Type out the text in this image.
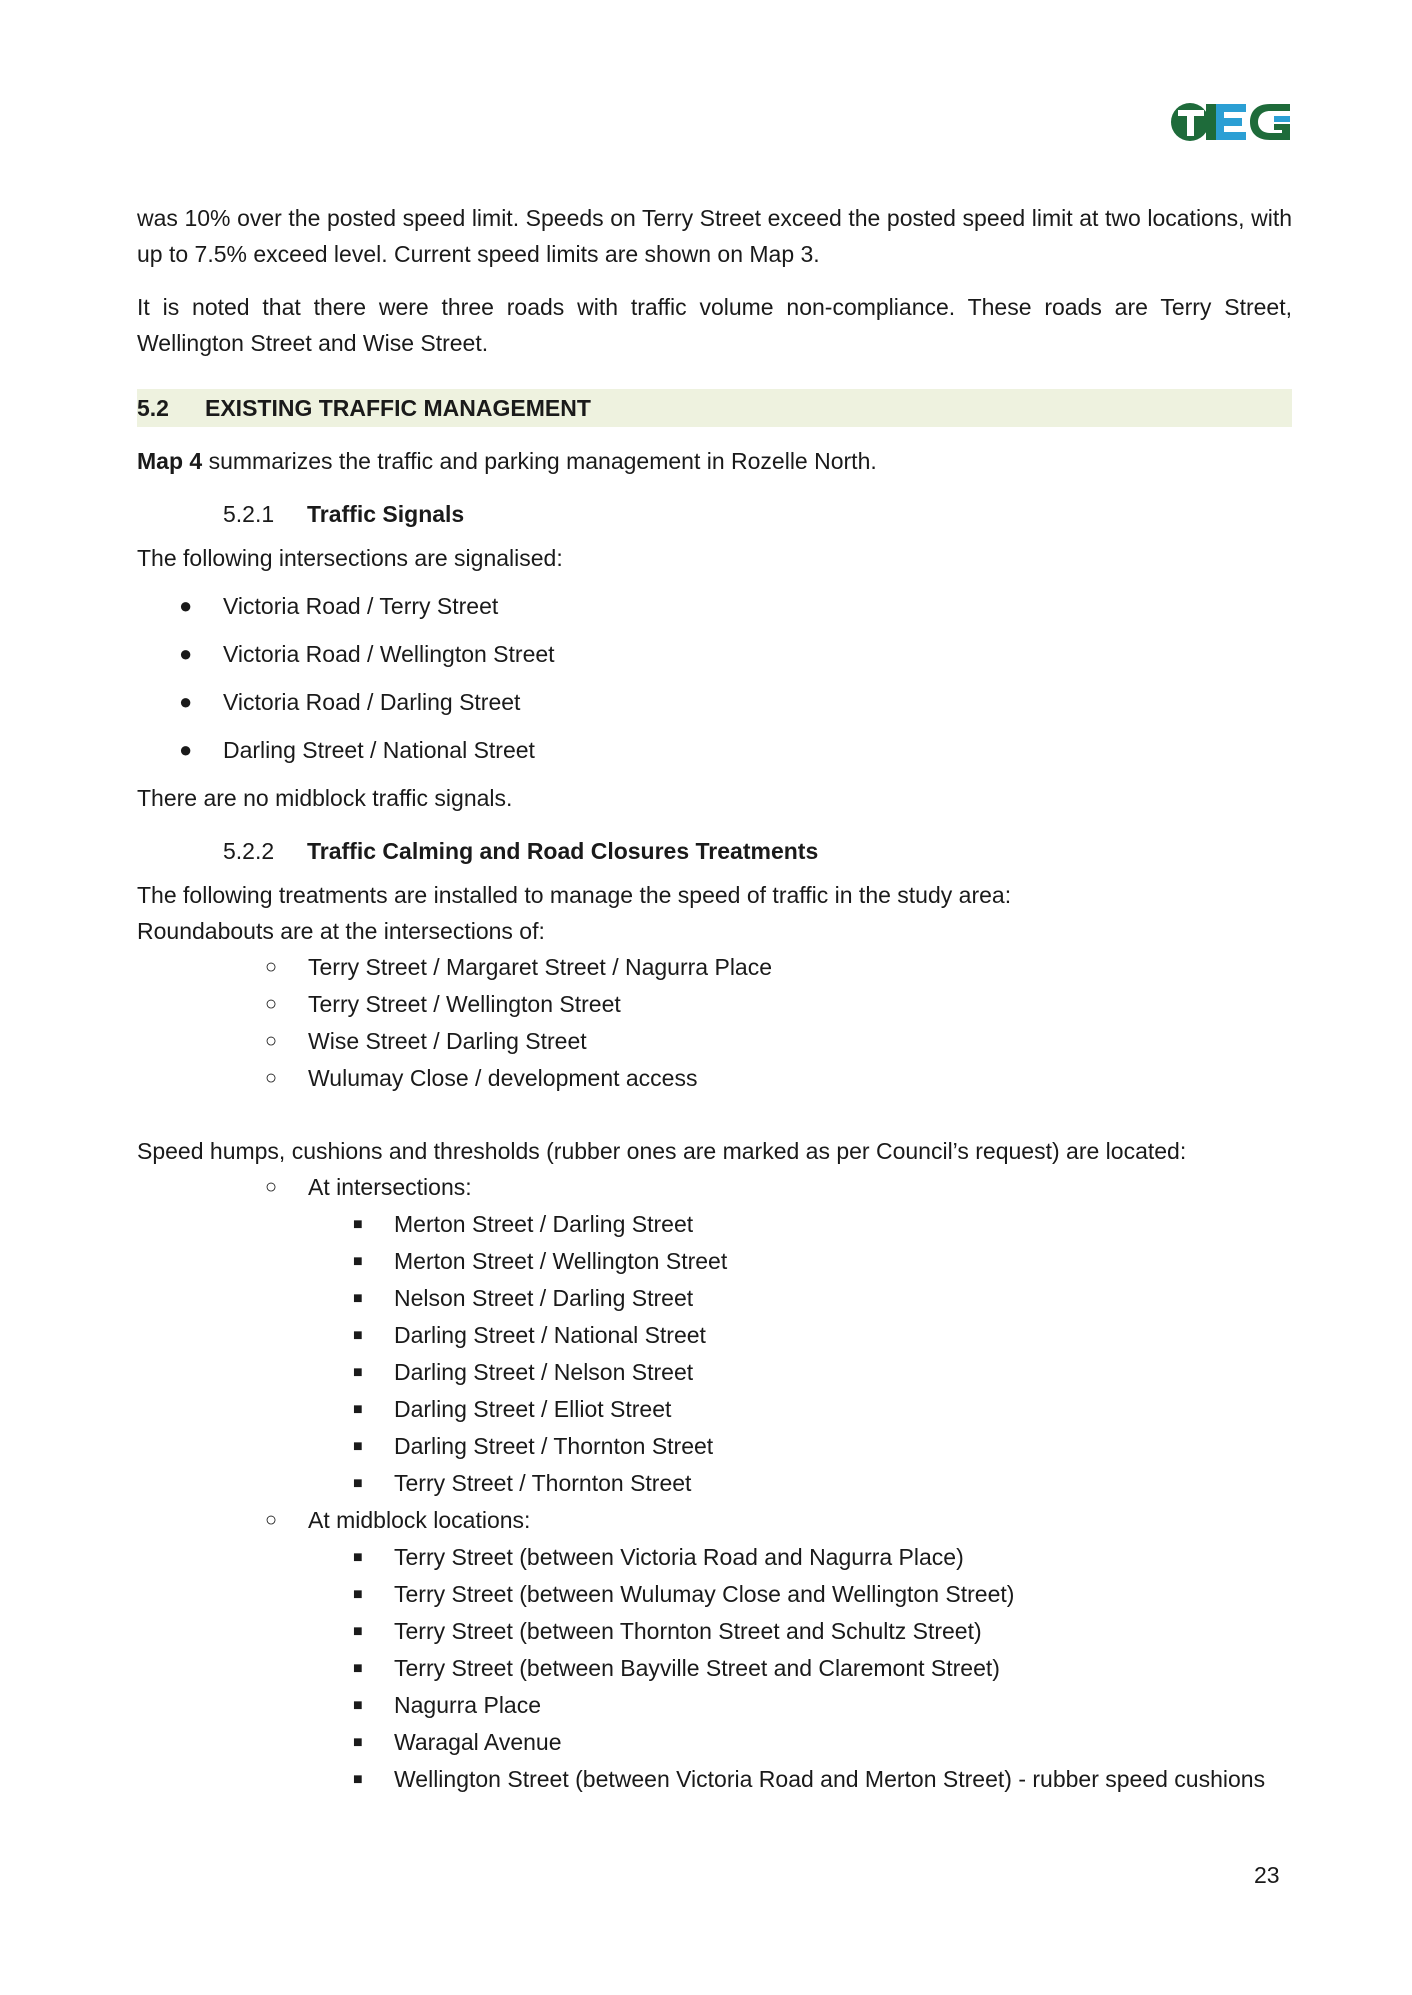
was 10% over the posted speed limit. Speeds on Terry Street exceed the posted speed limit at two locations, with up to 7.5% exceed level. Current speed limits are shown on Map 3.

It is noted that there were three roads with traffic volume non-compliance. These roads are Terry Street, Wellington Street and Wise Street.

5.2 EXISTING TRAFFIC MANAGEMENT

Map 4 summarizes the traffic and parking management in Rozelle North.

5.2.1 Traffic Signals

The following intersections are signalised:

● Victoria Road / Terry Street
● Victoria Road / Wellington Street
● Victoria Road / Darling Street
● Darling Street / National Street

There are no midblock traffic signals.

5.2.2 Traffic Calming and Road Closures Treatments

The following treatments are installed to manage the speed of traffic in the study area:

Roundabouts are at the intersections of:

○ Terry Street / Margaret Street / Nagurra Place
○ Terry Street / Wellington Street
○ Wise Street / Darling Street
○ Wulumay Close / development access

Speed humps, cushions and thresholds (rubber ones are marked as per Council’s request) are located:

○ At intersections:
■ Merton Street / Darling Street
■ Merton Street / Wellington Street
■ Nelson Street / Darling Street
■ Darling Street / National Street
■ Darling Street / Nelson Street
■ Darling Street / Elliot Street
■ Darling Street / Thornton Street
■ Terry Street / Thornton Street
○ At midblock locations:
■ Terry Street (between Victoria Road and Nagurra Place)
■ Terry Street (between Wulumay Close and Wellington Street)
■ Terry Street (between Thornton Street and Schultz Street)
■ Terry Street (between Bayville Street and Claremont Street)
■ Nagurra Place
■ Waragal Avenue
■ Wellington Street (between Victoria Road and Merton Street) - rubber speed cushions
23
